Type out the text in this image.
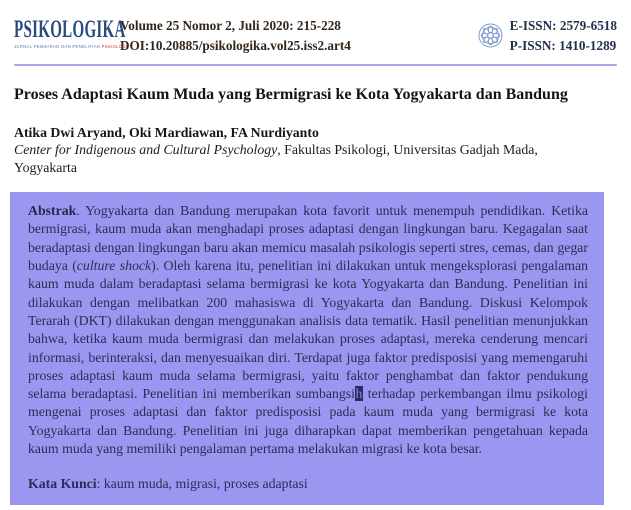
PSIKOLOGIKA
JURNAL PEMIKIRAN DAN PENELITIAN PSIKOLOGI
Volume 25 Nomor 2, Juli 2020: 215-228
DOI:10.20885/psikologika.vol25.iss2.art4
E-ISSN: 2579-6518
P-ISSN: 1410-1289
Proses Adaptasi Kaum Muda yang Bermigrasi ke Kota Yogyakarta dan Bandung
Atika Dwi Aryand, Oki Mardiawan, FA Nurdiyanto
Center for Indigenous and Cultural Psychology, Fakultas Psikologi, Universitas Gadjah Mada, Yogyakarta

Abstrak. Yogyakarta dan Bandung merupakan kota favorit untuk menempuh pendidikan. Ketika bermigrasi, kaum muda akan menghadapi proses adaptasi dengan lingkungan baru. Kegagalan saat beradaptasi dengan lingkungan baru akan memicu masalah psikologis seperti stres, cemas, dan gegar budaya (culture shock). Oleh karena itu, penelitian ini dilakukan untuk mengeksplorasi pengalaman kaum muda dalam beradaptasi selama bermigrasi ke kota Yogyakarta dan Bandung. Penelitian ini dilakukan dengan melibatkan 200 mahasiswa di Yogyakarta dan Bandung. Diskusi Kelompok Terarah (DKT) dilakukan dengan menggunakan analisis data tematik. Hasil penelitian menunjukkan bahwa, ketika kaum muda bermigrasi dan melakukan proses adaptasi, mereka cenderung mencari informasi, berinteraksi, dan menyesuaikan diri. Terdapat juga faktor predisposisi yang memengaruhi proses adaptasi kaum muda selama bermigrasi, yaitu faktor penghambat dan faktor pendukung selama beradaptasi. Penelitian ini memberikan sumbangsih terhadap perkembangan ilmu psikologi mengenai proses adaptasi dan faktor predisposisi pada kaum muda yang bermigrasi ke kota Yogyakarta dan Bandung. Penelitian ini juga diharapkan dapat memberikan pengetahuan kepada kaum muda yang memiliki pengalaman pertama melakukan migrasi ke kota besar.

Kata Kunci: kaum muda, migrasi, proses adaptasi
